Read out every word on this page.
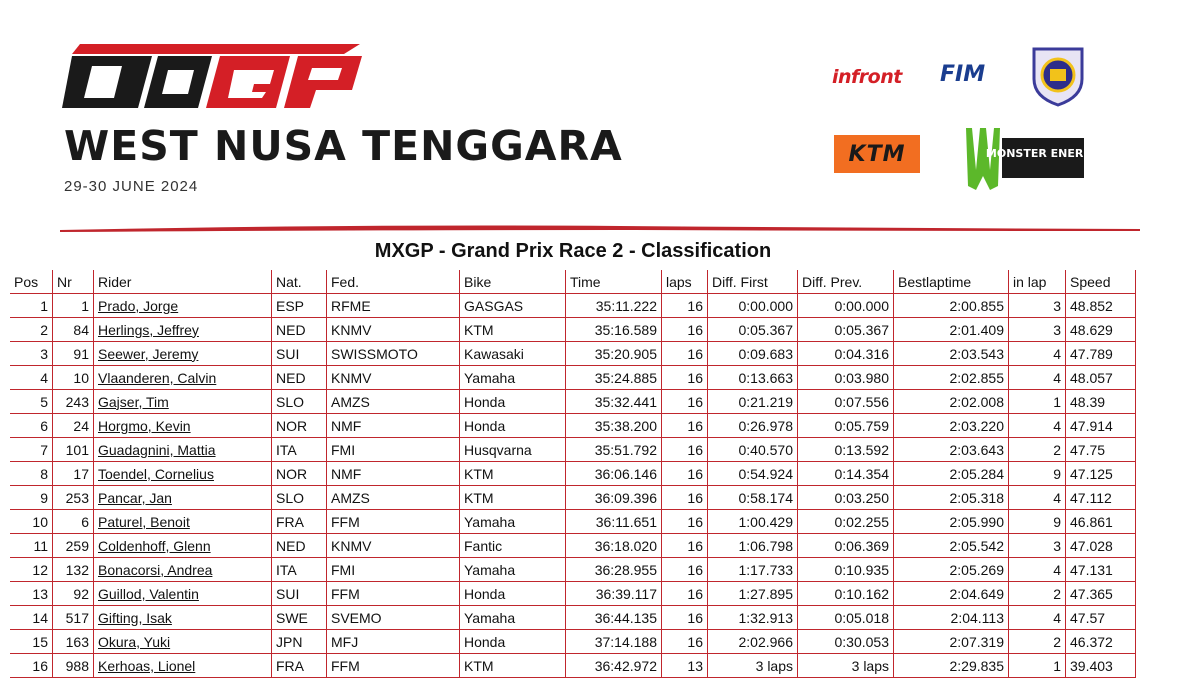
WEST NUSA TENGGARA
29-30 JUNE 2024
infront FIM
KTM	MONSTER ENERGY
MXGP - Grand Prix Race 2 - Classification
Pos	Nr	Rider	Nat.	Fed.	Bike	Time	laps	Diff. First	Diff. Prev.	Bestlaptime	in lap	Speed
1	1	Prado, Jorge	ESP	RFME	GASGAS	35:11.222	16	0:00.000	0:00.000	2:00.855	3	48.852
2	84	Herlings, Jeffrey	NED	KNMV	KTM	35:16.589	16	0:05.367	0:05.367	2:01.409	3	48.629
3	91	Seewer, Jeremy	SUI	SWISSMOTO	Kawasaki	35:20.905	16	0:09.683	0:04.316	2:03.543	4	47.789
4	10	Vlaanderen, Calvin	NED	KNMV	Yamaha	35:24.885	16	0:13.663	0:03.980	2:02.855	4	48.057
5	243	Gajser, Tim	SLO	AMZS	Honda	35:32.441	16	0:21.219	0:07.556	2:02.008	1	48.39
6	24	Horgmo, Kevin	NOR	NMF	Honda	35:38.200	16	0:26.978	0:05.759	2:03.220	4	47.914
7	101	Guadagnini, Mattia	ITA	FMI	Husqvarna	35:51.792	16	0:40.570	0:13.592	2:03.643	2	47.75
8	17	Toendel, Cornelius	NOR	NMF	KTM	36:06.146	16	0:54.924	0:14.354	2:05.284	9	47.125
9	253	Pancar, Jan	SLO	AMZS	KTM	36:09.396	16	0:58.174	0:03.250	2:05.318	4	47.112
10	6	Paturel, Benoit	FRA	FFM	Yamaha	36:11.651	16	1:00.429	0:02.255	2:05.990	9	46.861
11	259	Coldenhoff, Glenn	NED	KNMV	Fantic	36:18.020	16	1:06.798	0:06.369	2:05.542	3	47.028
12	132	Bonacorsi, Andrea	ITA	FMI	Yamaha	36:28.955	16	1:17.733	0:10.935	2:05.269	4	47.131
13	92	Guillod, Valentin	SUI	FFM	Honda	36:39.117	16	1:27.895	0:10.162	2:04.649	2	47.365
14	517	Gifting, Isak	SWE	SVEMO	Yamaha	36:44.135	16	1:32.913	0:05.018	2:04.113	4	47.57
15	163	Okura, Yuki	JPN	MFJ	Honda	37:14.188	16	2:02.966	0:30.053	2:07.319	2	46.372
16	988	Kerhoas, Lionel	FRA	FFM	KTM	36:42.972	13	3 laps	3 laps	2:29.835	1	39.403
